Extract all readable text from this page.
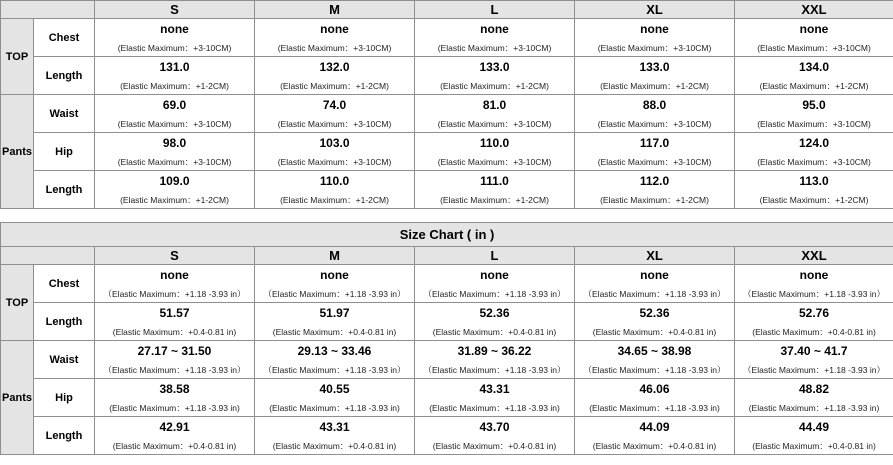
		S	M	L	XL	XXL
TOP	Chest	none	none	none	none	none
		(Elastic Maximum：+3-10CM)	(Elastic Maximum：+3-10CM)	(Elastic Maximum：+3-10CM)	(Elastic Maximum：+3-10CM)	(Elastic Maximum：+3-10CM)
	Length	131.0	132.0	133.0	133.0	134.0
		(Elastic Maximum：+1-2CM)	(Elastic Maximum：+1-2CM)	(Elastic Maximum：+1-2CM)	(Elastic Maximum：+1-2CM)	(Elastic Maximum：+1-2CM)
Pants	Waist	69.0	74.0	81.0	88.0	95.0
		(Elastic Maximum：+3-10CM)	(Elastic Maximum：+3-10CM)	(Elastic Maximum：+3-10CM)	(Elastic Maximum：+3-10CM)	(Elastic Maximum：+3-10CM)
	Hip	98.0	103.0	110.0	117.0	124.0
		(Elastic Maximum：+3-10CM)	(Elastic Maximum：+3-10CM)	(Elastic Maximum：+3-10CM)	(Elastic Maximum：+3-10CM)	(Elastic Maximum：+3-10CM)
	Length	109.0	110.0	111.0	112.0	113.0
		(Elastic Maximum：+1-2CM)	(Elastic Maximum：+1-2CM)	(Elastic Maximum：+1-2CM)	(Elastic Maximum：+1-2CM)	(Elastic Maximum：+1-2CM)
Size Chart ( in )						
		S	M	L	XL	XXL
TOP	Chest	none	none	none	none	none
		（Elastic Maximum：+1.18 -3.93 in）	（Elastic Maximum：+1.18 -3.93 in）	（Elastic Maximum：+1.18 -3.93 in）	（Elastic Maximum：+1.18 -3.93 in）	（Elastic Maximum：+1.18 -3.93 in）
	Length	51.57	51.97	52.36	52.36	52.76
		(Elastic Maximum：+0.4-0.81 in)	(Elastic Maximum：+0.4-0.81 in)	(Elastic Maximum：+0.4-0.81 in)	(Elastic Maximum：+0.4-0.81 in)	(Elastic Maximum：+0.4-0.81 in)
Pants	Waist	27.17 ~ 31.50	29.13 ~ 33.46	31.89 ~ 36.22	34.65 ~ 38.98	37.40 ~ 41.7
		（Elastic Maximum：+1.18 -3.93 in）	（Elastic Maximum：+1.18 -3.93 in）	（Elastic Maximum：+1.18 -3.93 in）	（Elastic Maximum：+1.18 -3.93 in）	（Elastic Maximum：+1.18 -3.93 in）
	Hip	38.58	40.55	43.31	46.06	48.82
		(Elastic Maximum：+1.18 -3.93 in)	(Elastic Maximum：+1.18 -3.93 in)	(Elastic Maximum：+1.18 -3.93 in)	(Elastic Maximum：+1.18 -3.93 in)	(Elastic Maximum：+1.18 -3.93 in)
	Length	42.91	43.31	43.70	44.09	44.49
		(Elastic Maximum：+0.4-0.81 in)	(Elastic Maximum：+0.4-0.81 in)	(Elastic Maximum：+0.4-0.81 in)	(Elastic Maximum：+0.4-0.81 in)	(Elastic Maximum：+0.4-0.81 in)
